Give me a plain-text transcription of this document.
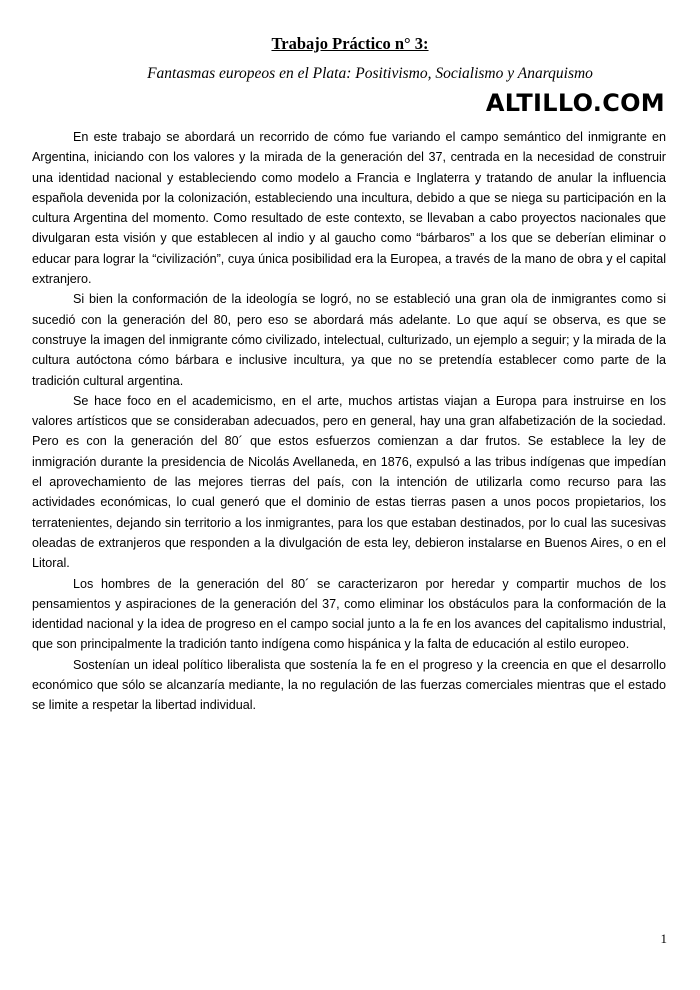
Trabajo Práctico n° 3:
Fantasmas europeos en el Plata: Positivismo, Socialismo y Anarquismo
ALTILLO.COM

En este trabajo se abordará un recorrido de cómo fue variando el campo semántico del inmigrante en Argentina, iniciando con los valores y la mirada de la generación del 37, centrada en la necesidad de construir una identidad nacional y estableciendo como modelo a Francia e Inglaterra y tratando de anular la influencia española devenida por la colonización, estableciendo una incultura, debido a que se niega su participación en la cultura Argentina del momento. Como resultado de este contexto, se llevaban a cabo proyectos nacionales que divulgaran esta visión y que establecen al indio y al gaucho como “bárbaros” a los que se deberían eliminar o educar para lograr la “civilización”, cuya única posibilidad era la Europea, a través de la mano de obra y el capital extranjero.

Si bien la conformación de la ideología se logró, no se estableció una gran ola de inmigrantes como si sucedió con la generación del 80, pero eso se abordará más adelante. Lo que aquí se observa, es que se construye la imagen del inmigrante cómo civilizado, intelectual, culturizado, un ejemplo a seguir; y la mirada de la cultura autóctona cómo bárbara e inclusive incultura, ya que no se pretendía establecer como parte de la tradición cultural argentina.

Se hace foco en el academicismo, en el arte, muchos artistas viajan a Europa para instruirse en los valores artísticos que se consideraban adecuados, pero en general, hay una gran alfabetización de la sociedad. Pero es con la generación del 80´ que estos esfuerzos comienzan a dar frutos. Se establece la ley de inmigración durante la presidencia de Nicolás Avellaneda, en 1876, expulsó a las tribus indígenas que impedían el aprovechamiento de las mejores tierras del país, con la intención de utilizarla como recurso para las actividades económicas, lo cual generó que el dominio de estas tierras pasen a unos pocos propietarios, los terratenientes, dejando sin territorio a los inmigrantes, para los que estaban destinados, por lo cual las sucesivas oleadas de extranjeros que responden a la divulgación de esta ley, debieron instalarse en Buenos Aires, o en el Litoral.

Los hombres de la generación del 80´ se caracterizaron por heredar y compartir muchos de los pensamientos y aspiraciones de la generación del 37, como eliminar los obstáculos para la conformación de la identidad nacional y la idea de progreso en el campo social junto a la fe en los avances del capitalismo industrial, que son principalmente la tradición tanto indígena como hispánica y la falta de educación al estilo europeo.

Sostenían un ideal político liberalista que sostenía la fe en el progreso y la creencia en que el desarrollo económico que sólo se alcanzaría mediante, la no regulación de las fuerzas comerciales mientras que el estado se limite a respetar la libertad individual.

1
